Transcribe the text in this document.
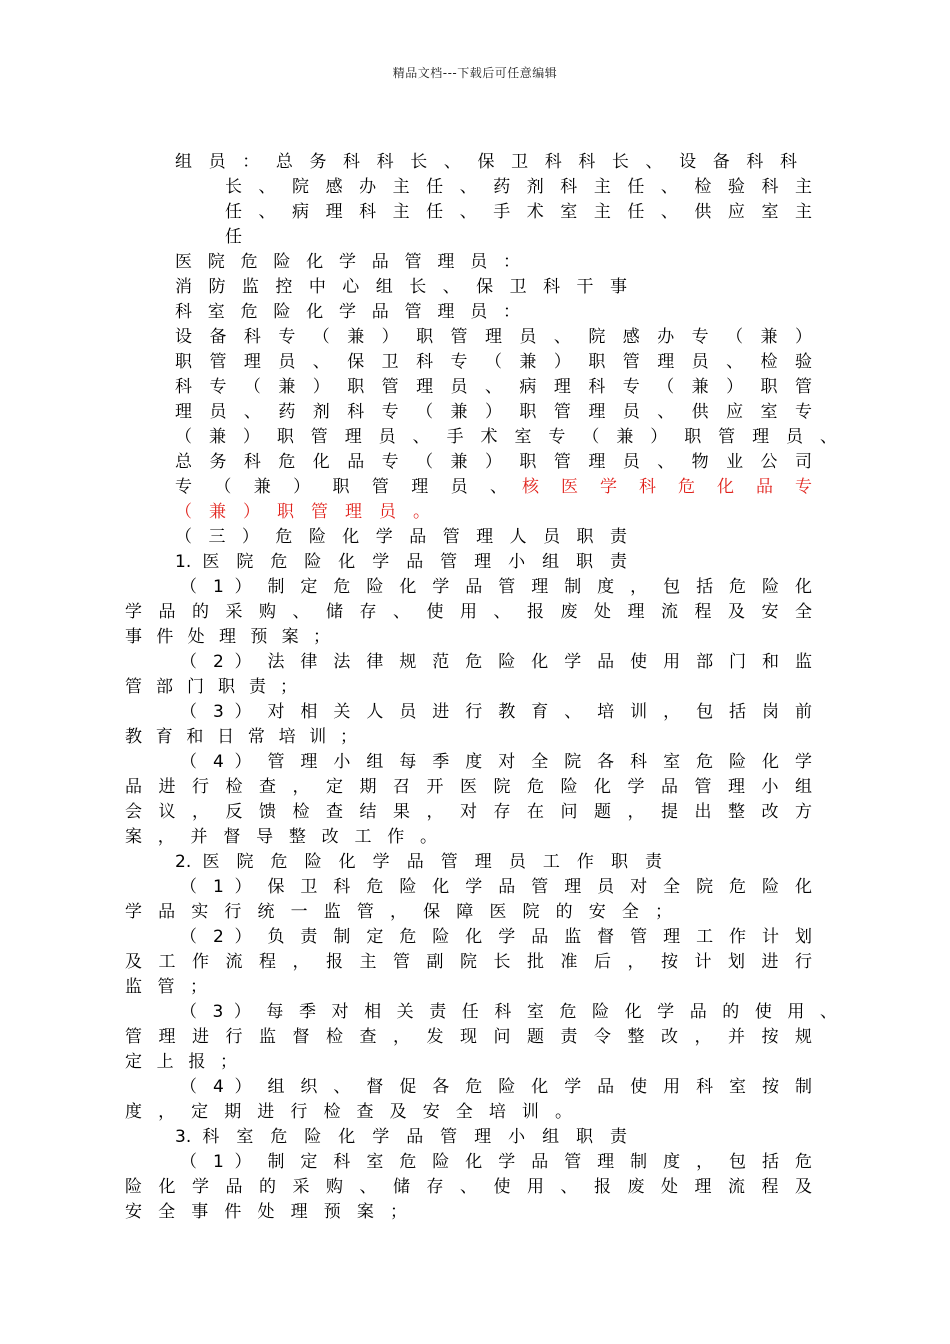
精品文档---下载后可任意编辑
组 员 ： 总 务 科 科 长 、 保 卫 科 科 长 、 设 备 科 科
长 、 院 感 办 主 任 、 药 剂 科 主 任 、 检 验 科 主
任 、 病 理 科 主 任 、 手 术 室 主 任 、 供 应 室 主
任
医 院 危 险 化 学 品 管 理 员 ：
消 防 监 控 中 心 组 长 、 保 卫 科 干 事
科 室 危 险 化 学 品 管 理 员 ：
设 备 科 专 （ 兼 ） 职 管 理 员 、 院 感 办 专 （ 兼 ）
职 管 理 员 、 保 卫 科 专 （ 兼 ） 职 管 理 员 、 检 验
科 专 （ 兼 ） 职 管 理 员 、 病 理 科 专 （ 兼 ） 职 管
理 员 、 药 剂 科 专 （ 兼 ） 职 管 理 员 、 供 应 室 专
（ 兼 ） 职 管 理 员 、 手 术 室 专 （ 兼 ） 职 管 理 员 、
总 务 科 危 化 品 专 （ 兼 ） 职 管 理 员 、 物 业 公 司
专 （ 兼 ） 职 管 理 员 、 核 医 学 科 危 化 品 专
（ 兼 ） 职 管 理 员 。
（ 三 ） 危 险 化 学 品 管 理 人 员 职 责
1. 医 院 危 险 化 学 品 管 理 小 组 职 责
（ 1 ） 制 定 危 险 化 学 品 管 理 制 度 ， 包 括 危 险 化
学 品 的 采 购 、 储 存 、 使 用 、 报 废 处 理 流 程 及 安 全
事 件 处 理 预 案 ；
（ 2 ） 法 律 法 律 规 范 危 险 化 学 品 使 用 部 门 和 监
管 部 门 职 责 ；
（ 3 ） 对 相 关 人 员 进 行 教 育 、 培 训 ， 包 括 岗 前
教 育 和 日 常 培 训 ；
（ 4 ） 管 理 小 组 每 季 度 对 全 院 各 科 室 危 险 化 学
品 进 行 检 查 ， 定 期 召 开 医 院 危 险 化 学 品 管 理 小 组
会 议 ， 反 馈 检 查 结 果 ， 对 存 在 问 题 ， 提 出 整 改 方
案 ， 并 督 导 整 改 工 作 。
2. 医 院 危 险 化 学 品 管 理 员 工 作 职 责
（ 1 ） 保 卫 科 危 险 化 学 品 管 理 员 对 全 院 危 险 化
学 品 实 行 统 一 监 管 ， 保 障 医 院 的 安 全 ；
（ 2 ） 负 责 制 定 危 险 化 学 品 监 督 管 理 工 作 计 划
及 工 作 流 程 ， 报 主 管 副 院 长 批 准 后 ， 按 计 划 进 行
监 管 ；
（ 3 ） 每 季 对 相 关 责 任 科 室 危 险 化 学 品 的 使 用 、
管 理 进 行 监 督 检 查 ， 发 现 问 题 责 令 整 改 ， 并 按 规
定 上 报 ；
（ 4 ） 组 织 、 督 促 各 危 险 化 学 品 使 用 科 室 按 制
度 ， 定 期 进 行 检 查 及 安 全 培 训 。
3. 科 室 危 险 化 学 品 管 理 小 组 职 责
（ 1 ） 制 定 科 室 危 险 化 学 品 管 理 制 度 ， 包 括 危
险 化 学 品 的 采 购 、 储 存 、 使 用 、 报 废 处 理 流 程 及
安 全 事 件 处 理 预 案 ；
